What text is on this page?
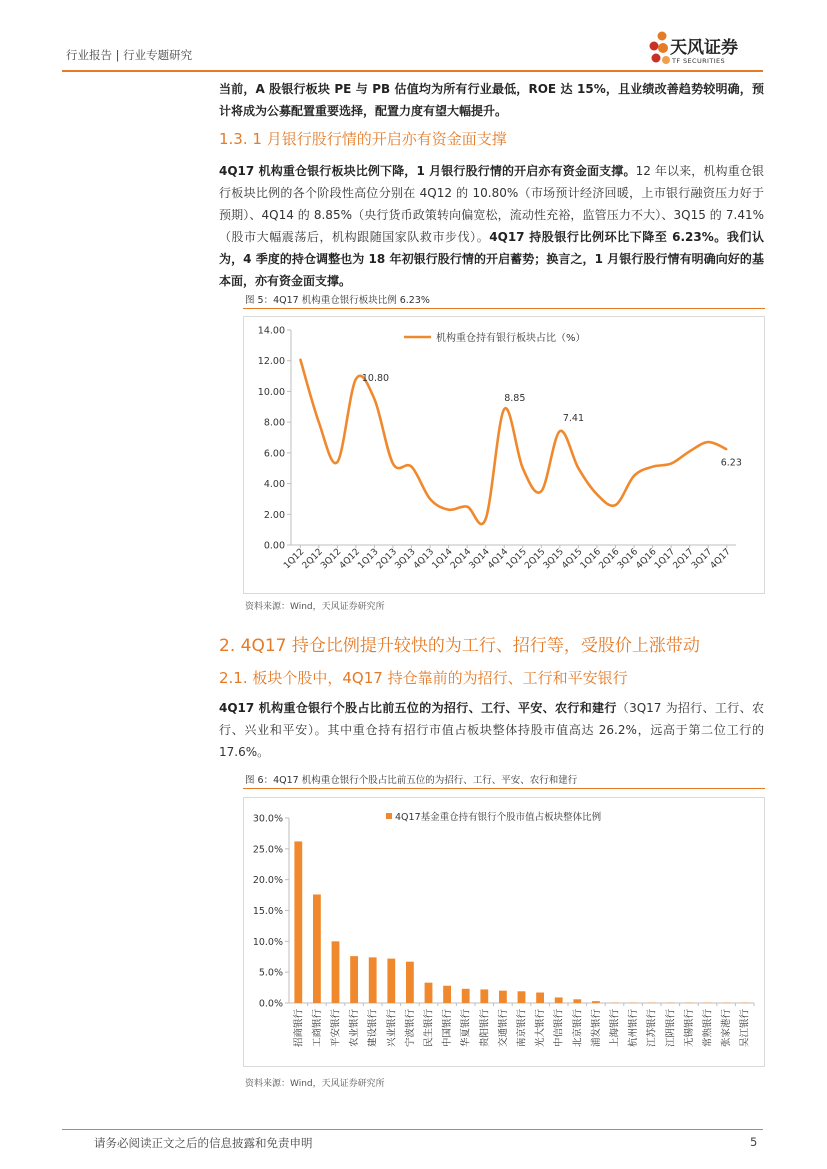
行业报告 | 行业专题研究	天风证券
TF SECURITIES
当前，A 股银行板块 PE 与 PB 估值均为所有行业最低，ROE 达 15%，且业绩改善趋势较明确，预计将成为公募配置重要选择，配置力度有望大幅提升。
1.3. 1 月银行股行情的开启亦有资金面支撑
4Q17 机构重仓银行板块比例下降，1 月银行股行情的开启亦有资金面支撑。12 年以来，机构重仓银行板块比例的各个阶段性高位分别在 4Q12 的 10.80%（市场预计经济回暖，上市银行融资压力好于预期）、4Q14 的 8.85%（央行货币政策转向偏宽松，流动性充裕，监管压力不大）、3Q15 的 7.41%（股市大幅震荡后，机构跟随国家队救市步伐）。4Q17 持股银行比例环比下降至 6.23%。我们认为，4 季度的持仓调整也为 18 年初银行股行情的开启蓄势；换言之，1 月银行股行情有明确向好的基本面，亦有资金面支撑。
图 5：4Q17 机构重仓银行板块比例 6.23%
0.00
2.00
4.00
6.00
8.00
10.00
12.00
14.00
1Q12
2Q12
3Q12
4Q12
1Q13
2Q13
3Q13
4Q13
1Q14
2Q14
3Q14
4Q14
1Q15
2Q15
3Q15
4Q15
1Q16
2Q16
3Q16
4Q16
1Q17
2Q17
3Q17
4Q17
10.80
8.85
7.41
6.23
机构重仓持有银行板块占比（%）
资料来源：Wind，天风证券研究所
2. 4Q17 持仓比例提升较快的为工行、招行等，受股价上涨带动
2.1. 板块个股中，4Q17 持仓靠前的为招行、工行和平安银行
4Q17 机构重仓银行个股占比前五位的为招行、工行、平安、农行和建行（3Q17 为招行、工行、农行、兴业和平安）。其中重仓持有招行市值占板块整体持股市值高达 26.2%，远高于第二位工行的 17.6%。
图 6：4Q17 机构重仓银行个股占比前五位的为招行、工行、平安、农行和建行
0.0%
5.0%
10.0%
15.0%
20.0%
25.0%
30.0%
招商银行 工商银行 平安银行 农业银行 建设银行 兴业银行 宁波银行 民生银行 中国银行 华夏银行 贵阳银行 交通银行 南京银行 光大银行 中信银行 北京银行 浦发银行 上海银行 杭州银行 江苏银行 江阴银行 无锡银行 常熟银行 张家港行 吴江银行
4Q17基金重仓持有银行个股市值占板块整体比例
资料来源：Wind，天风证券研究所
请务必阅读正文之后的信息披露和免责申明	5
